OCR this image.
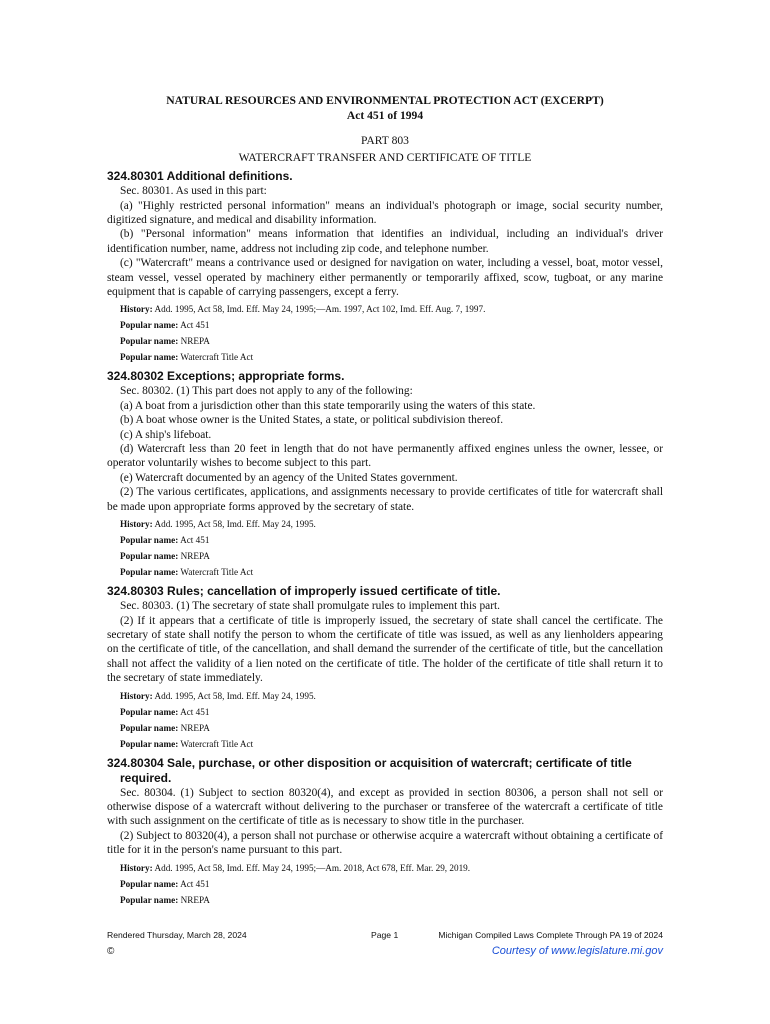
NATURAL RESOURCES AND ENVIRONMENTAL PROTECTION ACT (EXCERPT)
Act 451 of 1994
PART 803
WATERCRAFT TRANSFER AND CERTIFICATE OF TITLE
324.80301 Additional definitions.

Sec. 80301. As used in this part:

(a) "Highly restricted personal information" means an individual's photograph or image, social security number, digitized signature, and medical and disability information.

(b) "Personal information" means information that identifies an individual, including an individual's driver identification number, name, address not including zip code, and telephone number.

(c) "Watercraft" means a contrivance used or designed for navigation on water, including a vessel, boat, motor vessel, steam vessel, vessel operated by machinery either permanently or temporarily affixed, scow, tugboat, or any marine equipment that is capable of carrying passengers, except a ferry.

History: Add. 1995, Act 58, Imd. Eff. May 24, 1995;—Am. 1997, Act 102, Imd. Eff. Aug. 7, 1997.
Popular name: Act 451
Popular name: NREPA
Popular name: Watercraft Title Act
324.80302 Exceptions; appropriate forms.

Sec. 80302. (1) This part does not apply to any of the following:

(a) A boat from a jurisdiction other than this state temporarily using the waters of this state.

(b) A boat whose owner is the United States, a state, or political subdivision thereof.

(c) A ship's lifeboat.

(d) Watercraft less than 20 feet in length that do not have permanently affixed engines unless the owner, lessee, or operator voluntarily wishes to become subject to this part.

(e) Watercraft documented by an agency of the United States government.

(2) The various certificates, applications, and assignments necessary to provide certificates of title for watercraft shall be made upon appropriate forms approved by the secretary of state.

History: Add. 1995, Act 58, Imd. Eff. May 24, 1995.
Popular name: Act 451
Popular name: NREPA
Popular name: Watercraft Title Act
324.80303 Rules; cancellation of improperly issued certificate of title.

Sec. 80303. (1) The secretary of state shall promulgate rules to implement this part.

(2) If it appears that a certificate of title is improperly issued, the secretary of state shall cancel the certificate. The secretary of state shall notify the person to whom the certificate of title was issued, as well as any lienholders appearing on the certificate of title, of the cancellation, and shall demand the surrender of the certificate of title, but the cancellation shall not affect the validity of a lien noted on the certificate of title. The holder of the certificate of title shall return it to the secretary of state immediately.

History: Add. 1995, Act 58, Imd. Eff. May 24, 1995.
Popular name: Act 451
Popular name: NREPA
Popular name: Watercraft Title Act
324.80304 Sale, purchase, or other disposition or acquisition of watercraft; certificate of title required.

Sec. 80304. (1) Subject to section 80320(4), and except as provided in section 80306, a person shall not sell or otherwise dispose of a watercraft without delivering to the purchaser or transferee of the watercraft a certificate of title with such assignment on the certificate of title as is necessary to show title in the purchaser.

(2) Subject to 80320(4), a person shall not purchase or otherwise acquire a watercraft without obtaining a certificate of title for it in the person's name pursuant to this part.

History: Add. 1995, Act 58, Imd. Eff. May 24, 1995;—Am. 2018, Act 678, Eff. Mar. 29, 2019.
Popular name: Act 451
Popular name: NREPA
Rendered Thursday, March 28, 2024	Page 1	Michigan Compiled Laws Complete Through PA 19 of 2024
©	Courtesy of www.legislature.mi.gov
